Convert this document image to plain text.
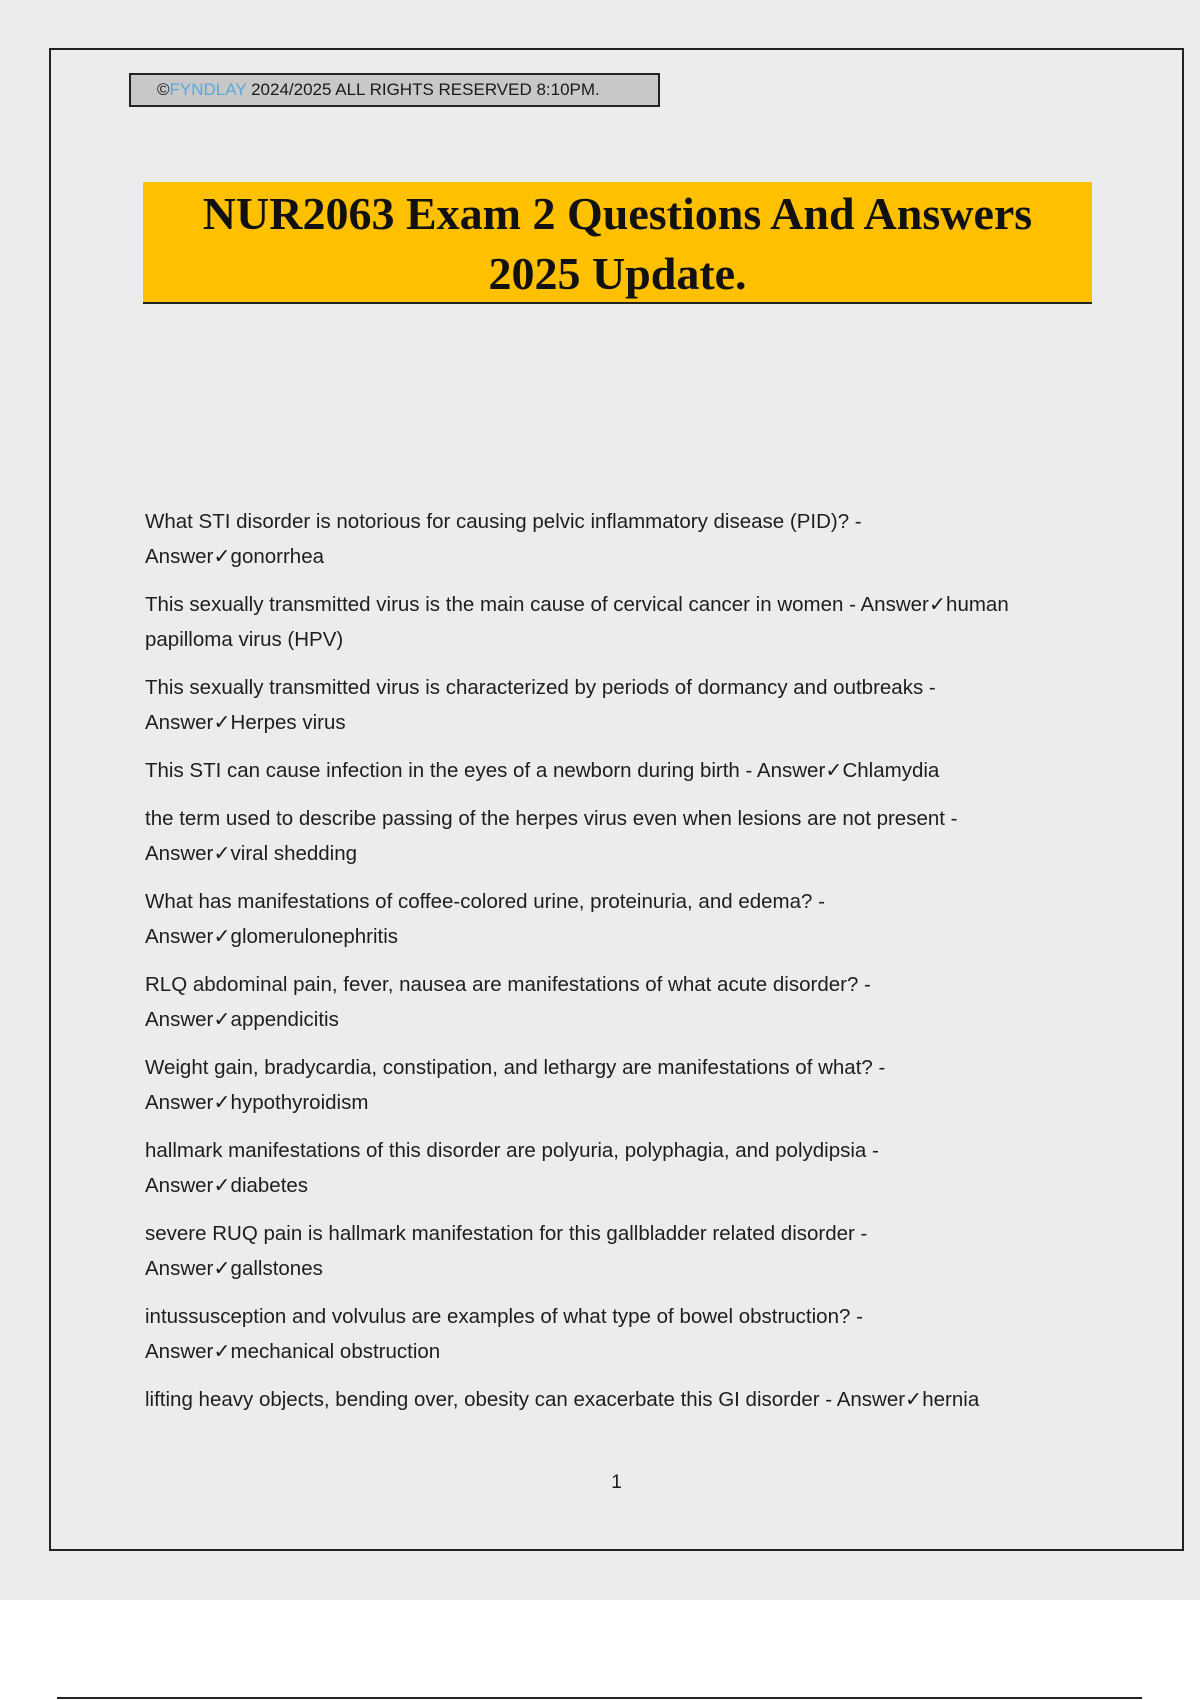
©FYNDLAY 2024/2025 ALL RIGHTS RESERVED 8:10PM.
NUR2063 Exam 2 Questions And Answers
2025 Update.
What STI disorder is notorious for causing pelvic inflammatory disease (PID)? -
Answer✓gonorrhea
This sexually transmitted virus is the main cause of cervical cancer in women - Answer✓human papilloma virus (HPV)
This sexually transmitted virus is characterized by periods of dormancy and outbreaks -
Answer✓Herpes virus
This STI can cause infection in the eyes of a newborn during birth - Answer✓Chlamydia
the term used to describe passing of the herpes virus even when lesions are not present -
Answer✓viral shedding
What has manifestations of coffee-colored urine, proteinuria, and edema? -
Answer✓glomerulonephritis
RLQ abdominal pain, fever, nausea are manifestations of what acute disorder? -
Answer✓appendicitis
Weight gain, bradycardia, constipation, and lethargy are manifestations of what? -
Answer✓hypothyroidism
hallmark manifestations of this disorder are polyuria, polyphagia, and polydipsia -
Answer✓diabetes
severe RUQ pain is hallmark manifestation for this gallbladder related disorder -
Answer✓gallstones
intussusception and volvulus are examples of what type of bowel obstruction? -
Answer✓mechanical obstruction
lifting heavy objects, bending over, obesity can exacerbate this GI disorder - Answer✓hernia
1
